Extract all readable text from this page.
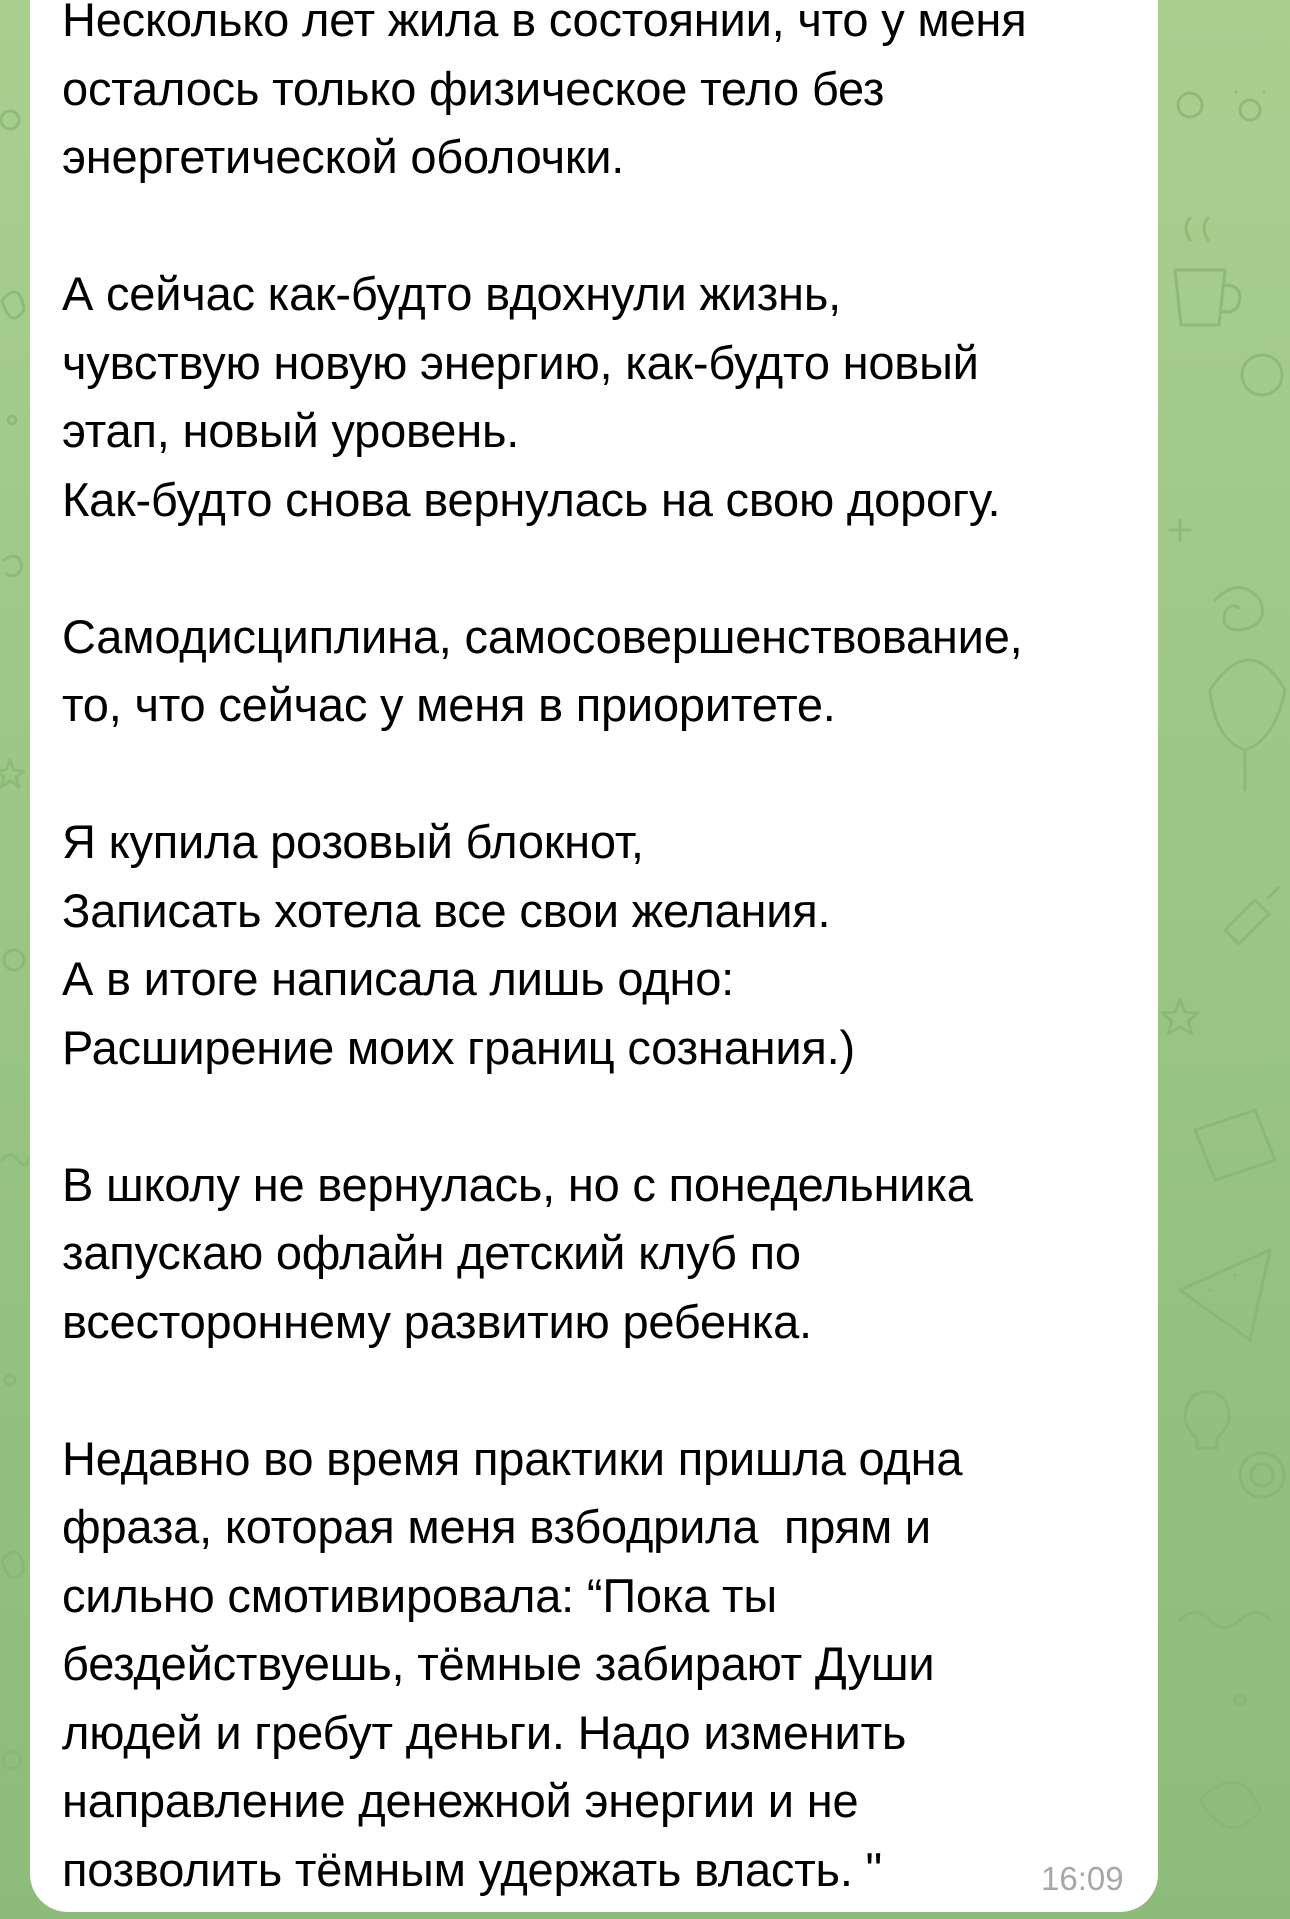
Несколько лет жила в состоянии, что у меня
осталось только физическое тело без
энергетической оболочки.

А сейчас как-будто вдохнули жизнь,
чувствую новую энергию, как-будто новый
этап, новый уровень.
Как-будто снова вернулась на свою дорогу.

Самодисциплина, самосовершенствование,
то, что сейчас у меня в приоритете.

Я купила розовый блокнот,
Записать хотела все свои желания.
А в итоге написала лишь одно:
Расширение моих границ сознания.)

В школу не вернулась, но с понедельника
запускаю офлайн детский клуб по
всестороннему развитию ребенка.

Недавно во время практики пришла одна
фраза, которая меня взбодрила  прям и
сильно смотивировала: “Пока ты
бездействуешь, тёмные забирают Души
людей и гребут деньги. Надо изменить
направление денежной энергии и не
позволить тёмным удержать власть. "	16:09
